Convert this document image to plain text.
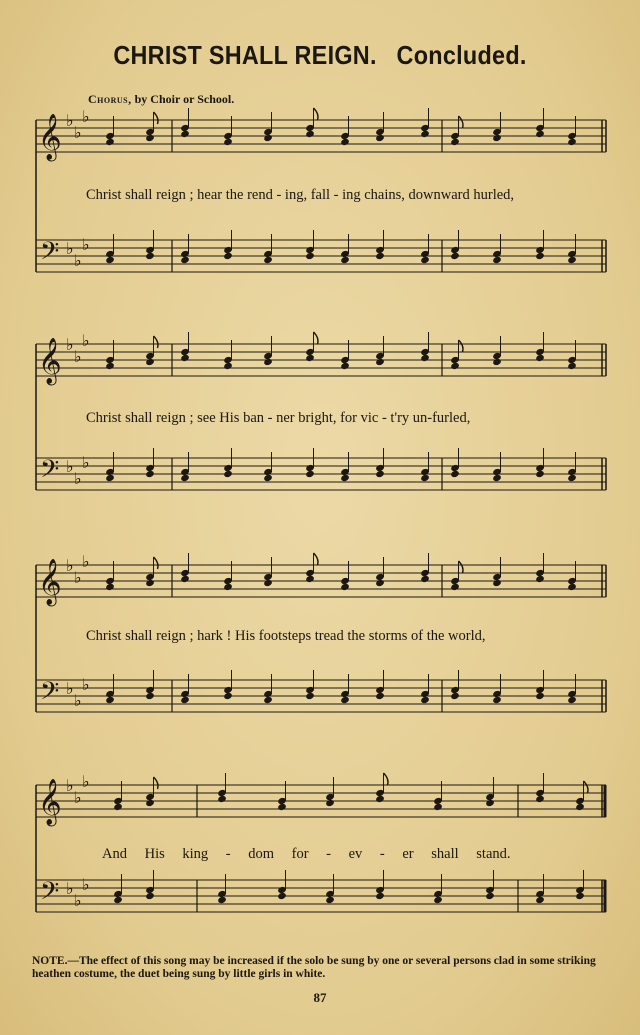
CHRIST SHALL REIGN. Concluded.
Chorus, by Choir or School.
𝄞
𝄢
♭
♭
♭
♭
♭
♭
𝄞
𝄢
♭
♭
♭
♭
♭
♭
𝄞
𝄢
♭
♭
♭
♭
♭
♭
𝄞
𝄢
♭
♭
♭
♭
♭
♭
Christ shall reign ; hear the rend - ing, fall - ing chains, downward hurled,
Christ shall reign ; see His ban - ner bright, for vic - t'ry un-furled,
Christ shall reign ; hark ! His footsteps tread the storms of the world,
And His king - dom for - ev - er shall stand.
NOTE.—The effect of this song may be increased if the solo be sung by one or several persons clad in some striking heathen costume, the duet being sung by little girls in white.
87
